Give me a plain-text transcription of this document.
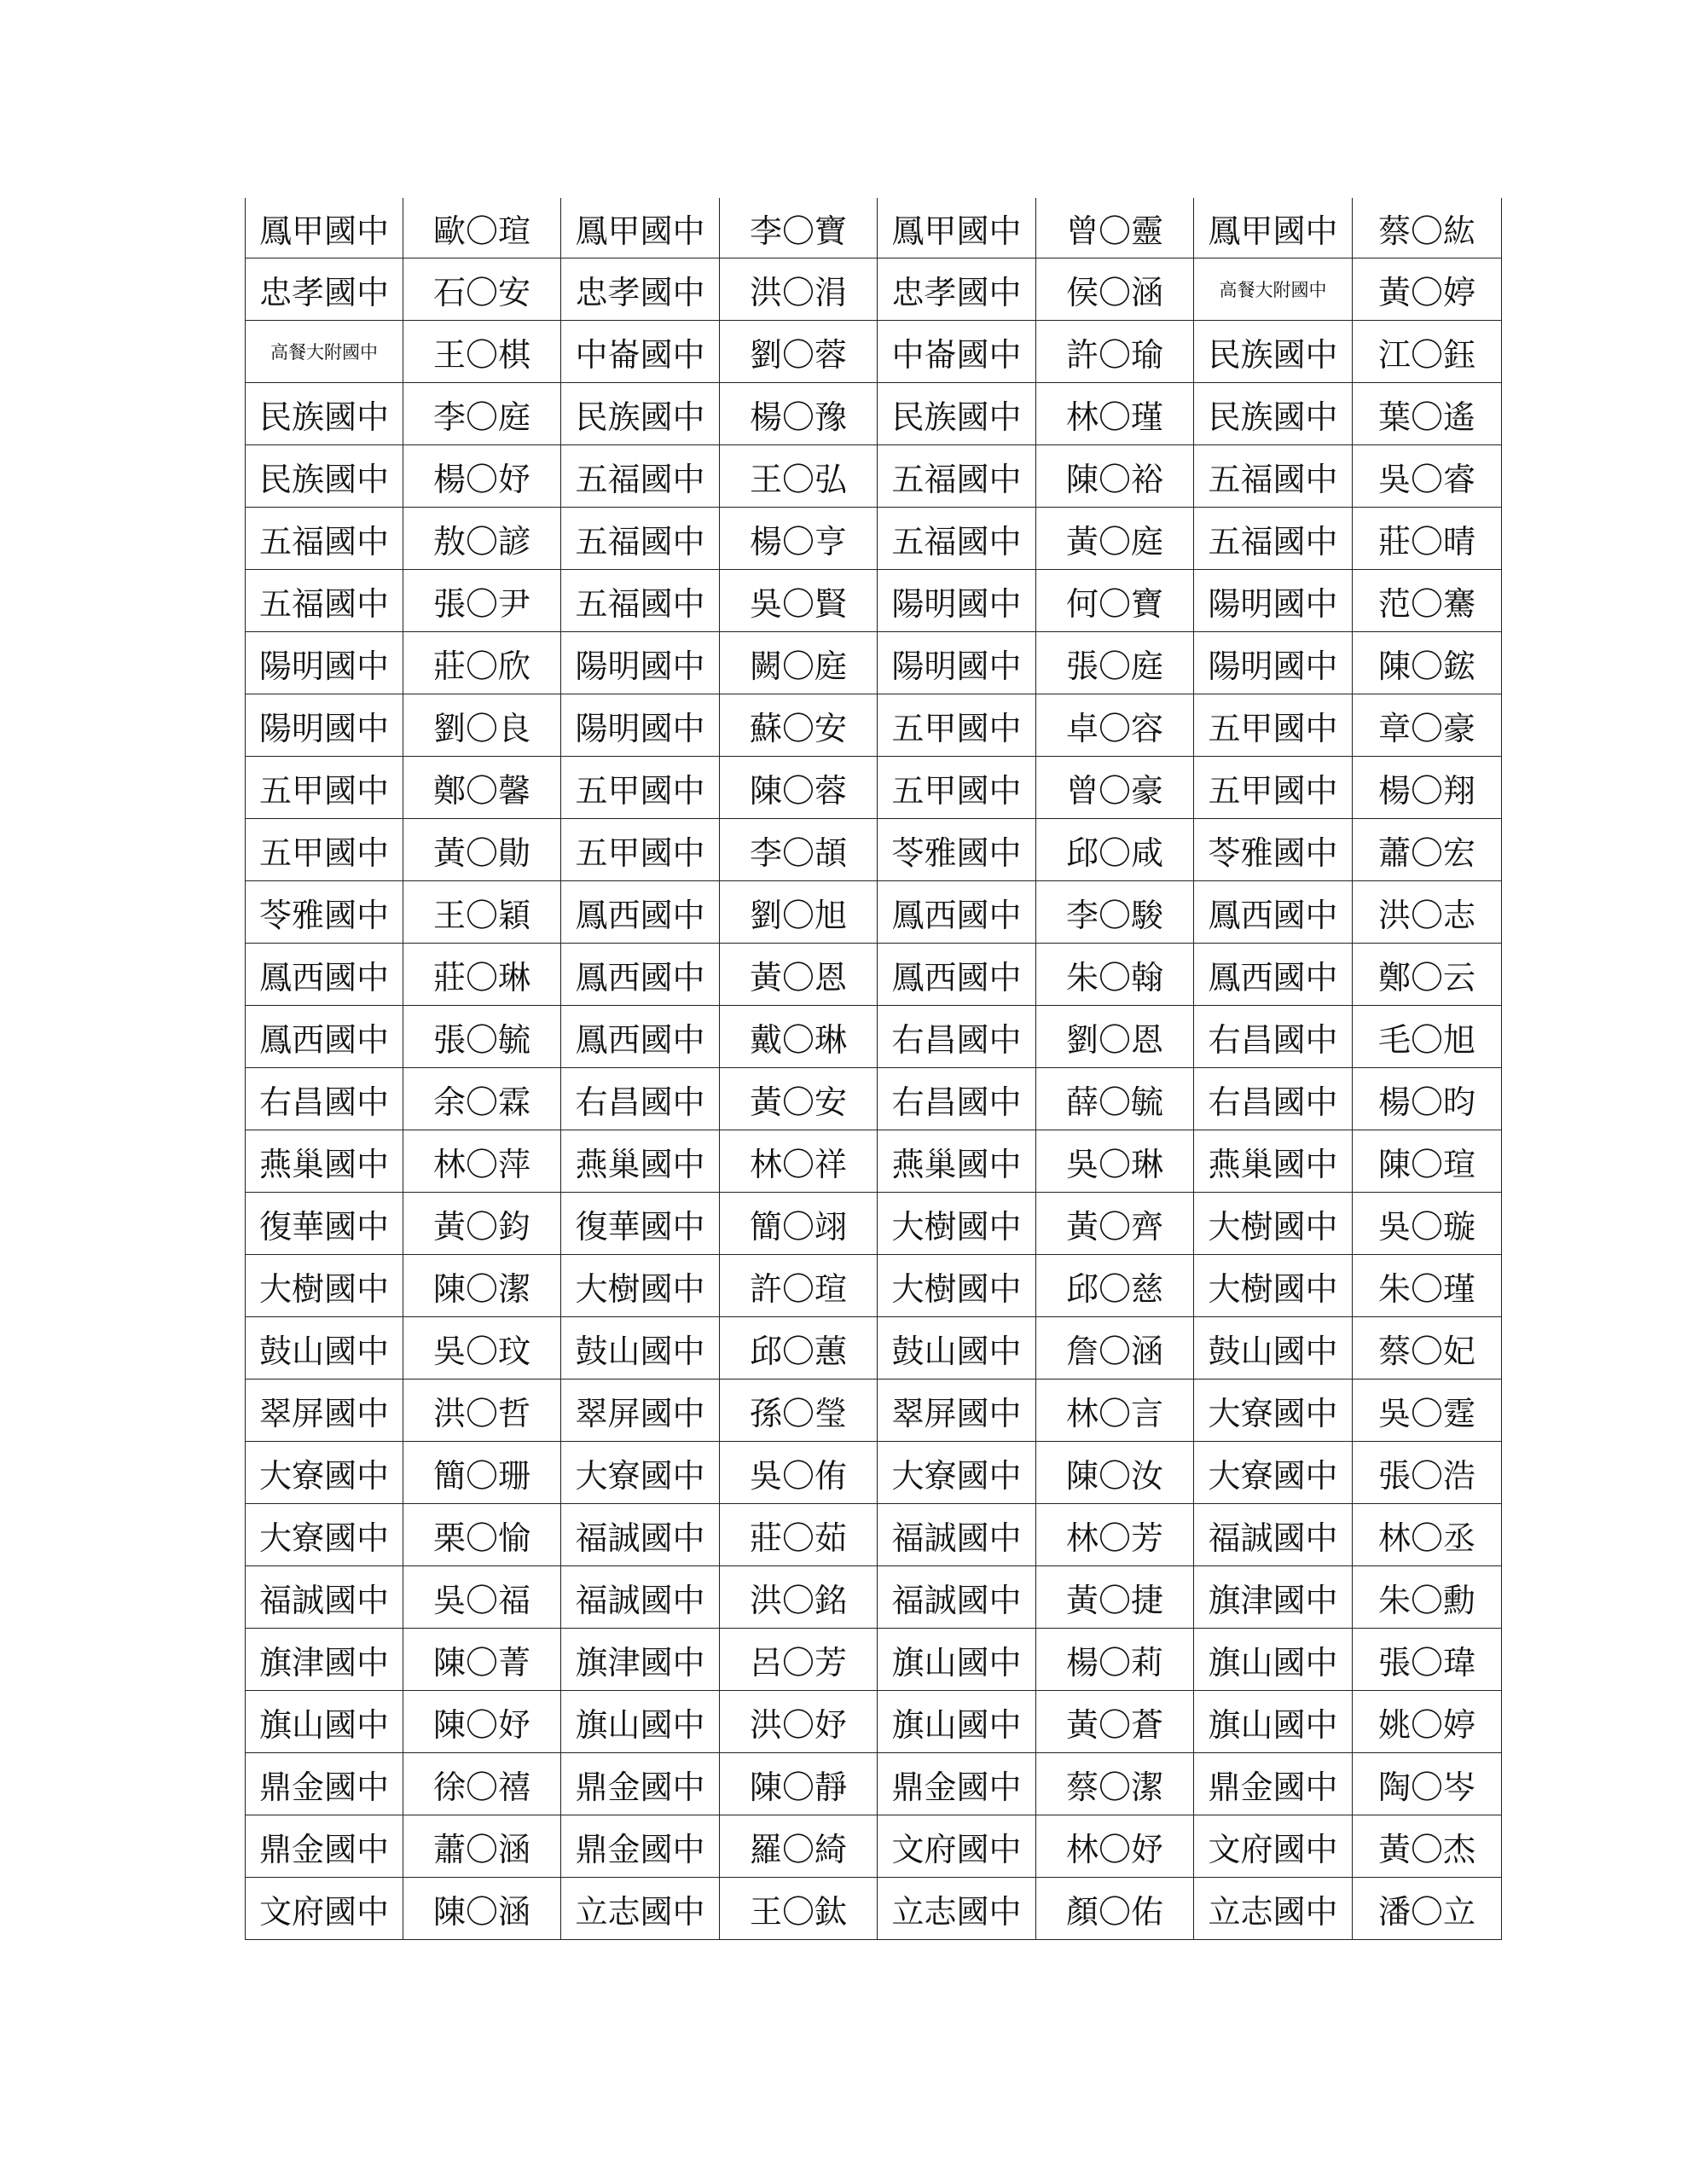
鳳甲國中	歐〇瑄	鳳甲國中	李〇寶	鳳甲國中	曾〇靈	鳳甲國中	蔡〇紘
忠孝國中	石〇安	忠孝國中	洪〇涓	忠孝國中	侯〇涵	高餐大附國中	黃〇婷
高餐大附國中	王〇棋	中崙國中	劉〇蓉	中崙國中	許〇瑜	民族國中	江〇鈺
民族國中	李〇庭	民族國中	楊〇豫	民族國中	林〇瑾	民族國中	葉〇遙
民族國中	楊〇妤	五福國中	王〇弘	五福國中	陳〇裕	五福國中	吳〇睿
五福國中	敖〇諺	五福國中	楊〇亨	五福國中	黃〇庭	五福國中	莊〇晴
五福國中	張〇尹	五福國中	吳〇賢	陽明國中	何〇寶	陽明國中	范〇騫
陽明國中	莊〇欣	陽明國中	闕〇庭	陽明國中	張〇庭	陽明國中	陳〇鋐
陽明國中	劉〇良	陽明國中	蘇〇安	五甲國中	卓〇容	五甲國中	章〇豪
五甲國中	鄭〇馨	五甲國中	陳〇蓉	五甲國中	曾〇豪	五甲國中	楊〇翔
五甲國中	黃〇勛	五甲國中	李〇頡	苓雅國中	邱〇咸	苓雅國中	蕭〇宏
苓雅國中	王〇穎	鳳西國中	劉〇旭	鳳西國中	李〇駿	鳳西國中	洪〇志
鳳西國中	莊〇琳	鳳西國中	黃〇恩	鳳西國中	朱〇翰	鳳西國中	鄭〇云
鳳西國中	張〇毓	鳳西國中	戴〇琳	右昌國中	劉〇恩	右昌國中	毛〇旭
右昌國中	余〇霖	右昌國中	黃〇安	右昌國中	薛〇毓	右昌國中	楊〇昀
燕巢國中	林〇萍	燕巢國中	林〇祥	燕巢國中	吳〇琳	燕巢國中	陳〇瑄
復華國中	黃〇鈞	復華國中	簡〇翊	大樹國中	黃〇齊	大樹國中	吳〇璇
大樹國中	陳〇潔	大樹國中	許〇瑄	大樹國中	邱〇慈	大樹國中	朱〇瑾
鼓山國中	吳〇玟	鼓山國中	邱〇蕙	鼓山國中	詹〇涵	鼓山國中	蔡〇妃
翠屏國中	洪〇哲	翠屏國中	孫〇瑩	翠屏國中	林〇言	大寮國中	吳〇霆
大寮國中	簡〇珊	大寮國中	吳〇侑	大寮國中	陳〇汝	大寮國中	張〇浩
大寮國中	栗〇愉	福誠國中	莊〇茹	福誠國中	林〇芳	福誠國中	林〇丞
福誠國中	吳〇福	福誠國中	洪〇銘	福誠國中	黃〇捷	旗津國中	朱〇勳
旗津國中	陳〇菁	旗津國中	呂〇芳	旗山國中	楊〇莉	旗山國中	張〇瑋
旗山國中	陳〇妤	旗山國中	洪〇妤	旗山國中	黃〇蒼	旗山國中	姚〇婷
鼎金國中	徐〇禧	鼎金國中	陳〇靜	鼎金國中	蔡〇潔	鼎金國中	陶〇岑
鼎金國中	蕭〇涵	鼎金國中	羅〇綺	文府國中	林〇妤	文府國中	黃〇杰
文府國中	陳〇涵	立志國中	王〇鈦	立志國中	顏〇佑	立志國中	潘〇立
